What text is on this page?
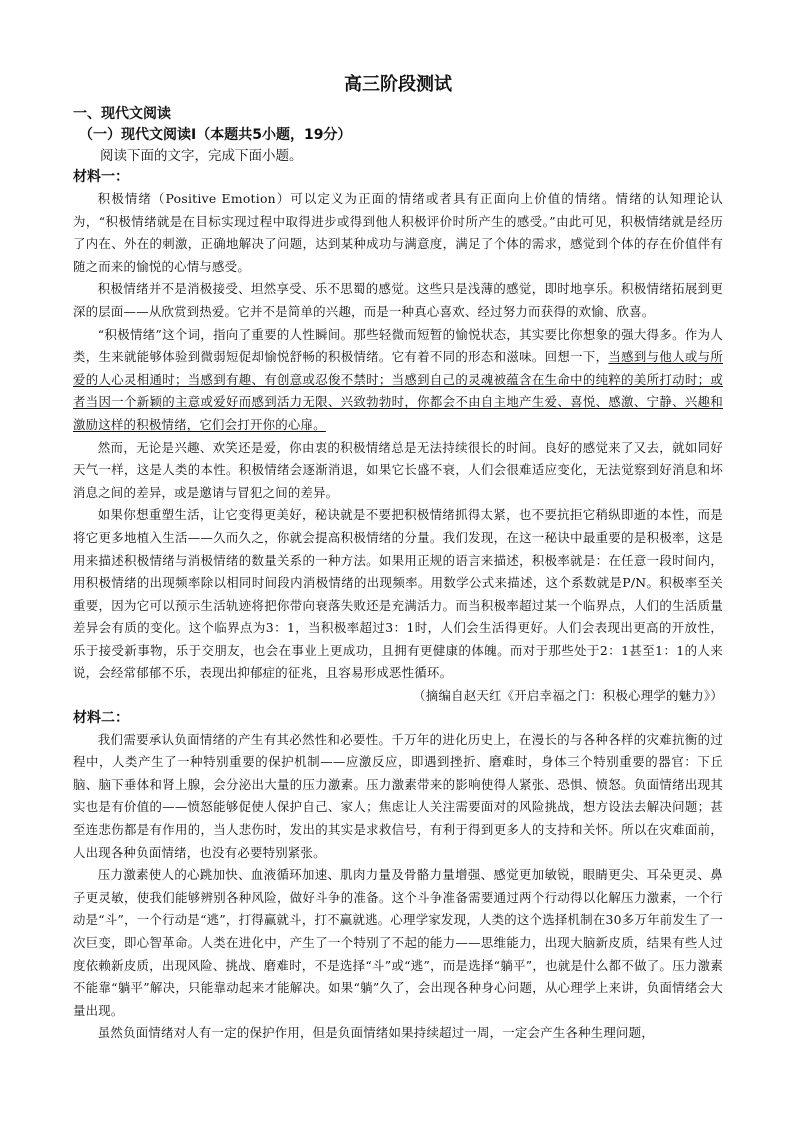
高三阶段测试
一、现代文阅读
（一）现代文阅读Ⅰ（本题共5小题，19分）
阅读下面的文字，完成下面小题。
材料一：

积极情绪（Positive Emotion）可以定义为正面的情绪或者具有正面向上价值的情绪。情绪的认知理论认为，“积极情绪就是在目标实现过程中取得进步或得到他人积极评价时所产生的感受。”由此可见，积极情绪就是经历了内在、外在的刺激，正确地解决了问题，达到某种成功与满意度，满足了个体的需求，感觉到个体的存在价值伴有随之而来的愉悦的心情与感受。

积极情绪并不是消极接受、坦然享受、乐不思蜀的感觉。这些只是浅薄的感觉，即时地享乐。积极情绪拓展到更深的层面——从欣赏到热爱。它并不是简单的兴趣，而是一种真心喜欢、经过努力而获得的欢愉、欣喜。

“积极情绪”这个词，指向了重要的人性瞬间。那些轻微而短暂的愉悦状态，其实要比你想象的强大得多。作为人类，生来就能够体验到微弱短促却愉悦舒畅的积极情绪。它有着不同的形态和滋味。回想一下，当感到与他人或与所爱的人心灵相通时；当感到有趣、有创意或忍俊不禁时；当感到自己的灵魂被蕴含在生命中的纯粹的美所打动时；或者当因一个新颖的主意或爱好而感到活力无限、兴致勃勃时，你都会不由自主地产生爱、喜悦、感激、宁静、兴趣和激励这样的积极情绪，它们会打开你的心扉。

然而，无论是兴趣、欢笑还是爱，你由衷的积极情绪总是无法持续很长的时间。良好的感觉来了又去，就如同好天气一样，这是人类的本性。积极情绪会逐渐消退，如果它长盛不衰，人们会很难适应变化，无法觉察到好消息和坏消息之间的差异，或是邀请与冒犯之间的差异。

如果你想重塑生活，让它变得更美好，秘诀就是不要把积极情绪抓得太紧，也不要抗拒它稍纵即逝的本性，而是将它更多地植入生活——久而久之，你就会提高积极情绪的分量。我们发现，在这一秘诀中最重要的是积极率，这是用来描述积极情绪与消极情绪的数量关系的一种方法。如果用正规的语言来描述，积极率就是：在任意一段时间内，用积极情绪的出现频率除以相同时间段内消极情绪的出现频率。用数学公式来描述，这个系数就是P/N。积极率至关重要，因为它可以预示生活轨迹将把你带向衰落失败还是充满活力。而当积极率超过某一个临界点，人们的生活质量差异会有质的变化。这个临界点为3：1，当积极率超过3：1时，人们会生活得更好。人们会表现出更高的开放性，乐于接受新事物，乐于交朋友，也会在事业上更成功，且拥有更健康的体魄。而对于那些处于2：1甚至1：1的人来说，会经常郁郁不乐，表现出抑郁症的征兆，且容易形成恶性循环。

（摘编自赵天红《开启幸福之门：积极心理学的魅力》）
材料二：

我们需要承认负面情绪的产生有其必然性和必要性。千万年的进化历史上，在漫长的与各种各样的灾难抗衡的过程中，人类产生了一种特别重要的保护机制——应激反应，即遇到挫折、磨难时，身体三个特别重要的器官：下丘脑、脑下垂体和肾上腺，会分泌出大量的压力激素。压力激素带来的影响使得人紧张、恐惧、愤怒。负面情绪出现其实也是有价值的——愤怒能够促使人保护自己、家人；焦虑让人关注需要面对的风险挑战，想方设法去解决问题；甚至连悲伤都是有作用的，当人悲伤时，发出的其实是求救信号，有利于得到更多人的支持和关怀。所以在灾难面前，人出现各种负面情绪，也没有必要特别紧张。

压力激素使人的心跳加快、血液循环加速、肌肉力量及骨骼力量增强、感觉更加敏锐，眼睛更尖、耳朵更灵、鼻子更灵敏，使我们能够辨别各种风险，做好斗争的准备。这个斗争准备需要通过两个行动得以化解压力激素，一个行动是“斗”，一个行动是“逃”，打得赢就斗，打不赢就逃。心理学家发现，人类的这个选择机制在30多万年前发生了一次巨变，即心智革命。人类在进化中，产生了一个特别了不起的能力——思维能力，出现大脑新皮质，结果有些人过度依赖新皮质，出现风险、挑战、磨难时，不是选择“斗”或“逃”，而是选择“躺平”，也就是什么都不做了。压力激素不能靠“躺平”解决，只能靠动起来才能解决。如果“躺”久了，会出现各种身心问题，从心理学上来讲，负面情绪会大量出现。

虽然负面情绪对人有一定的保护作用，但是负面情绪如果持续超过一周，一定会产生各种生理问题，
